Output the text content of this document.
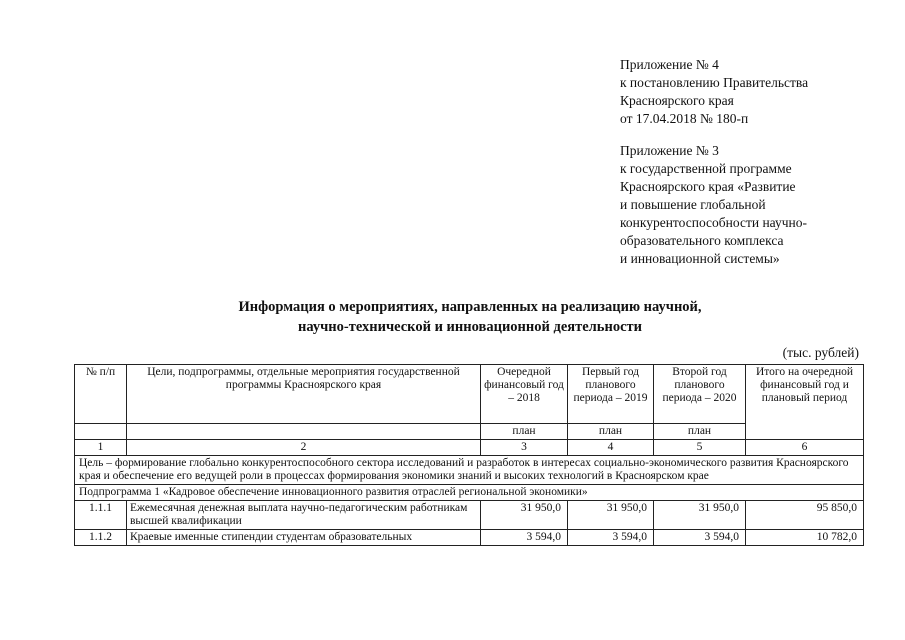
Приложение № 4
к постановлению Правительства
Красноярского края
от 17.04.2018 № 180-п
Приложение № 3
к государственной программе
Красноярского края «Развитие
и повышение глобальной
конкурентоспособности научно-
образовательного комплекса
и инновационной системы»
Информация о мероприятиях, направленных на реализацию научной,
научно-технической и инновационной деятельности
(тыс. рублей)
№ п/п	Цели, подпрограммы, отдельные мероприятия государственной программы Красноярского края	Очередной финансовый год – 2018	Первый год планового периода – 2019	Второй год планового периода – 2020	Итого на очередной финансовый год и плановый период
		план	план	план	
1	2	3	4	5	6
Цель – формирование глобально конкурентоспособного сектора исследований и разработок в интересах социально-экономического развития Красноярского края и обеспечение его ведущей роли в процессах формирования экономики знаний и высоких технологий в Красноярском крае					
Подпрограмма 1 «Кадровое обеспечение инновационного развития отраслей региональной экономики»					
1.1.1	Ежемесячная денежная выплата научно-педагогическим работникам высшей квалификации	31 950,0	31 950,0	31 950,0	95 850,0
1.1.2	Краевые именные стипендии студентам образовательных	3 594,0	3 594,0	3 594,0	10 782,0
